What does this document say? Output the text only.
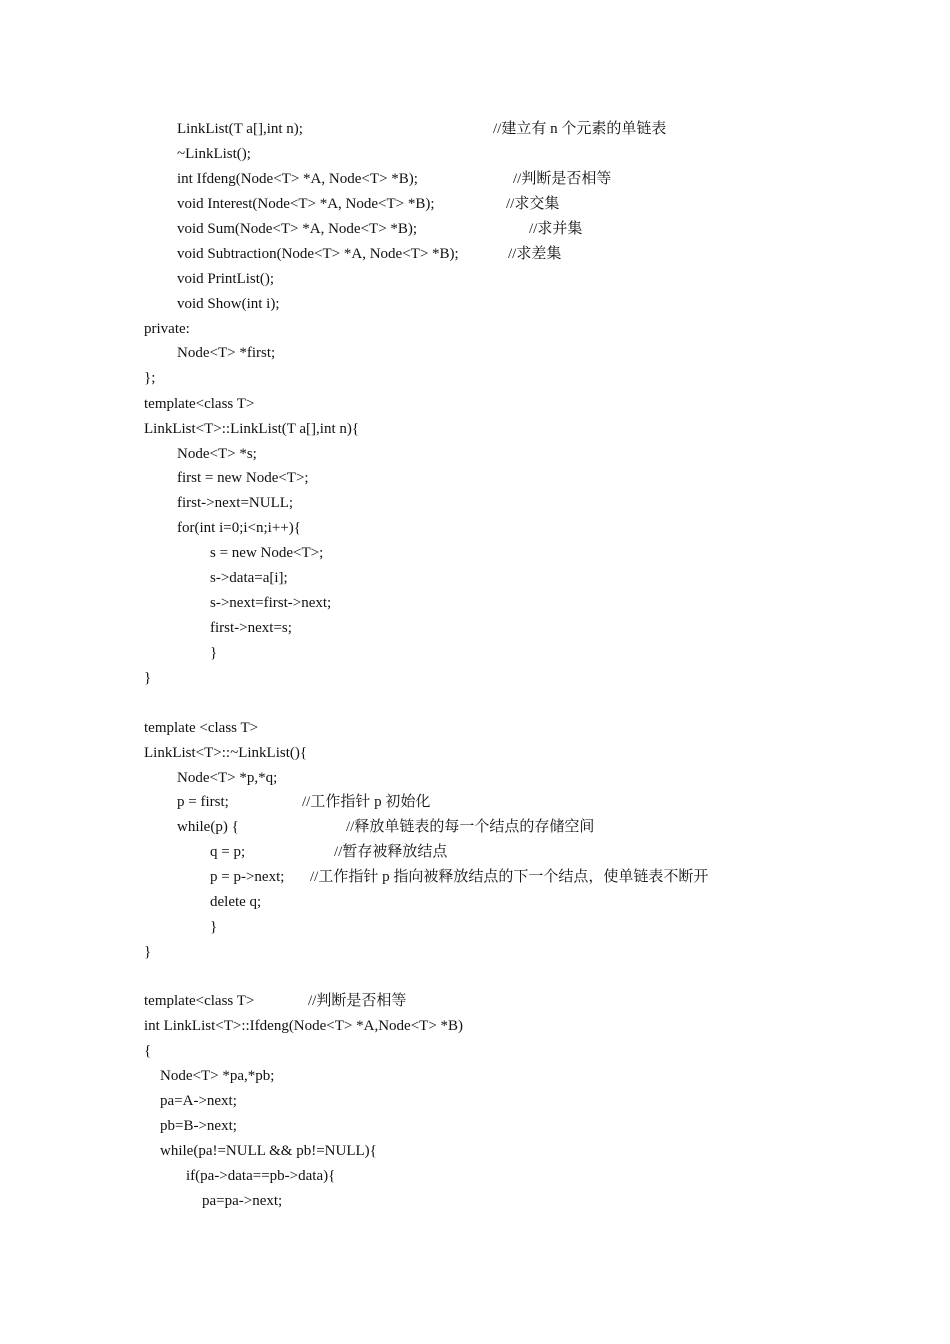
LinkList(T a[],int n);	//建立有 n 个元素的单链表
~LinkList();
int Ifdeng(Node<T> *A, Node<T> *B);	//判断是否相等
void Interest(Node<T> *A, Node<T> *B);	//求交集
void Sum(Node<T> *A, Node<T> *B);	//求并集
void Subtraction(Node<T> *A, Node<T> *B);	//求差集
void PrintList();
void Show(int i);
private:
Node<T> *first;
};
template<class T>
LinkList<T>::LinkList(T a[],int n){
Node<T> *s;
first = new Node<T>;
first->next=NULL;
for(int i=0;i<n;i++){
s = new Node<T>;
s->data=a[i];
s->next=first->next;
first->next=s;
}
}
template <class T>
LinkList<T>::~LinkList(){
Node<T> *p,*q;
p = first;	//工作指针 p 初始化
while(p) {	//释放单链表的每一个结点的存储空间
q = p;	//暂存被释放结点
p = p->next; //工作指针 p 指向被释放结点的下一个结点，使单链表不断开
delete q;
}
}
template<class T>	//判断是否相等
int LinkList<T>::Ifdeng(Node<T> *A,Node<T> *B)
{
Node<T> *pa,*pb;
pa=A->next;
pb=B->next;
while(pa!=NULL && pb!=NULL){
if(pa->data==pb->data){
pa=pa->next;
